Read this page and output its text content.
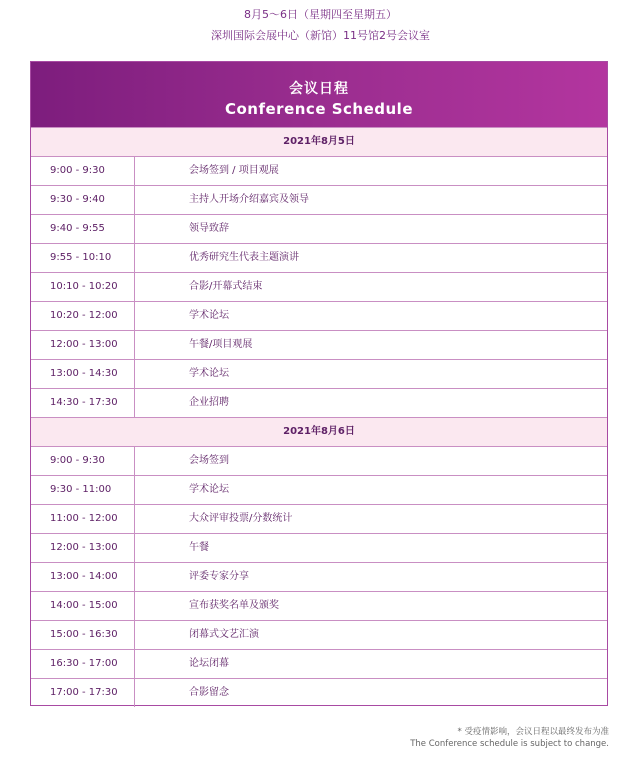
8月5～6日（星期四至星期五）
深圳国际会展中心（新馆）11号馆2号会议室
会议日程
Conference Schedule
2021年8月5日
9:00 - 9:30	会场签到 / 项目观展
9:30 - 9:40	主持人开场介绍嘉宾及领导
9:40 - 9:55	领导致辞
9:55 - 10:10	优秀研究生代表主题演讲
10:10 - 10:20	合影/开幕式结束
10:20 - 12:00	学术论坛
12:00 - 13:00	午餐/项目观展
13:00 - 14:30	学术论坛
14:30 - 17:30	企业招聘
2021年8月6日
9:00 - 9:30	会场签到
9:30 - 11:00	学术论坛
11:00 - 12:00	大众评审投票/分数统计
12:00 - 13:00	午餐
13:00 - 14:00	评委专家分享
14:00 - 15:00	宣布获奖名单及颁奖
15:00 - 16:30	闭幕式文艺汇演
16:30 - 17:00	论坛闭幕
17:00 - 17:30	合影留念
* 受疫情影响，会议日程以最终发布为准
The Conference schedule is subject to change.
